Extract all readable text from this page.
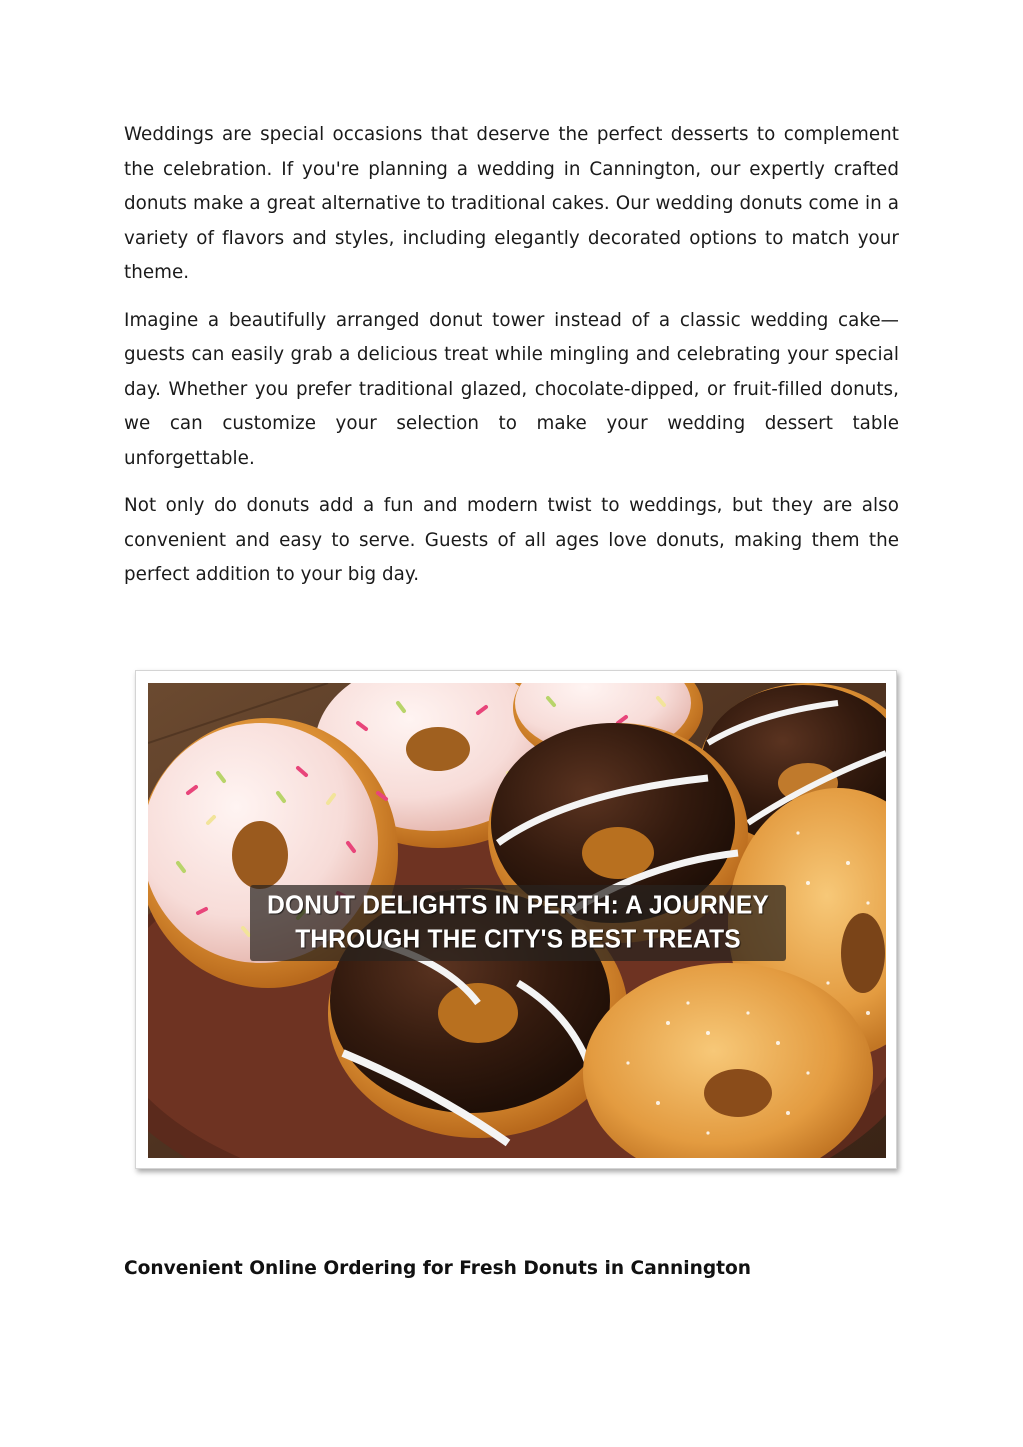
Weddings are special occasions that deserve the perfect desserts to complement the celebration. If you're planning a wedding in Cannington, our expertly crafted donuts make a great alternative to traditional cakes. Our wedding donuts come in a variety of flavors and styles, including elegantly decorated options to match your theme.

Imagine a beautifully arranged donut tower instead of a classic wedding cake—guests can easily grab a delicious treat while mingling and celebrating your special day. Whether you prefer traditional glazed, chocolate-dipped, or fruit-filled donuts, we can customize your selection to make your wedding dessert table unforgettable.

Not only do donuts add a fun and modern twist to weddings, but they are also convenient and easy to serve. Guests of all ages love donuts, making them the perfect addition to your big day.

DONUT DELIGHTS IN PERTH: A JOURNEY
THROUGH THE CITY'S BEST TREATS
Convenient Online Ordering for Fresh Donuts in Cannington
